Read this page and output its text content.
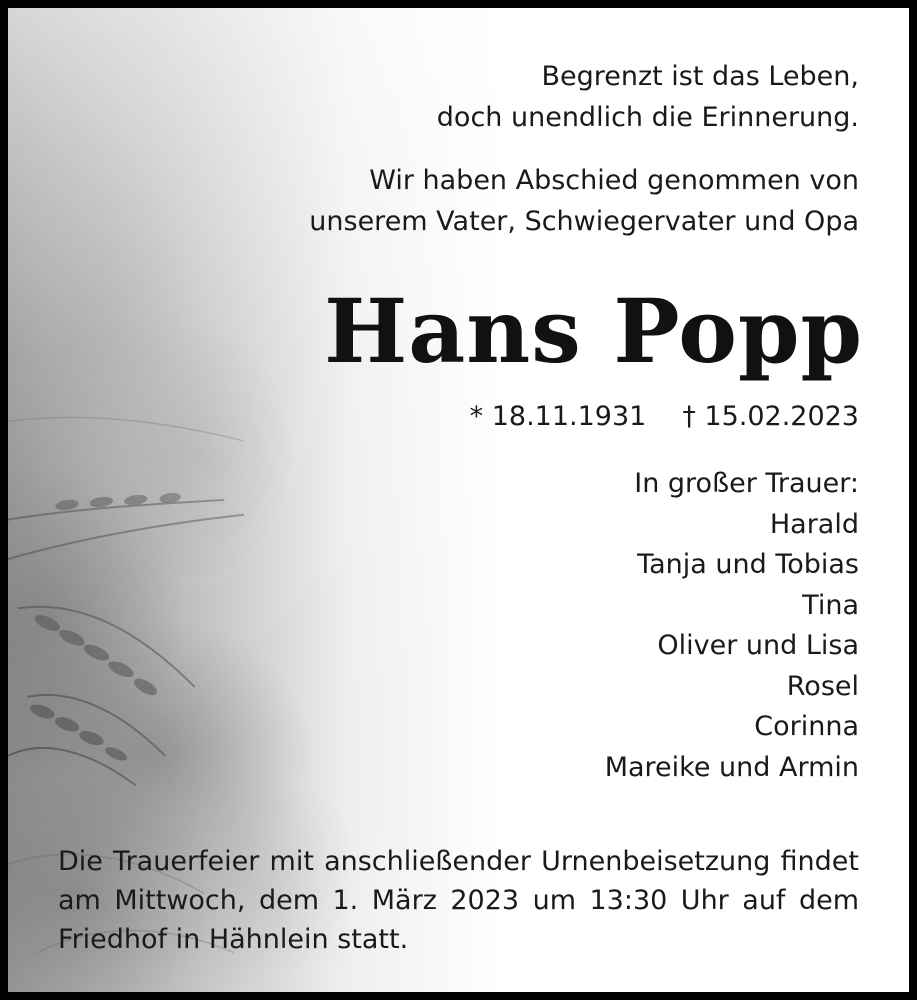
Begrenzt ist das Leben,
doch unendlich die Erinnerung.
Wir haben Abschied genommen von
unserem Vater, Schwiegervater und Opa
Hans Popp
* 18.11.1931 † 15.02.2023
In großer Trauer:
Harald
Tanja und Tobias
Tina
Oliver und Lisa
Rosel
Corinna
Mareike und Armin
Die Trauerfeier mit anschließender Urnenbeisetzung findet am Mittwoch, dem 1. März 2023 um 13:30 Uhr auf dem Friedhof in Hähnlein statt.
